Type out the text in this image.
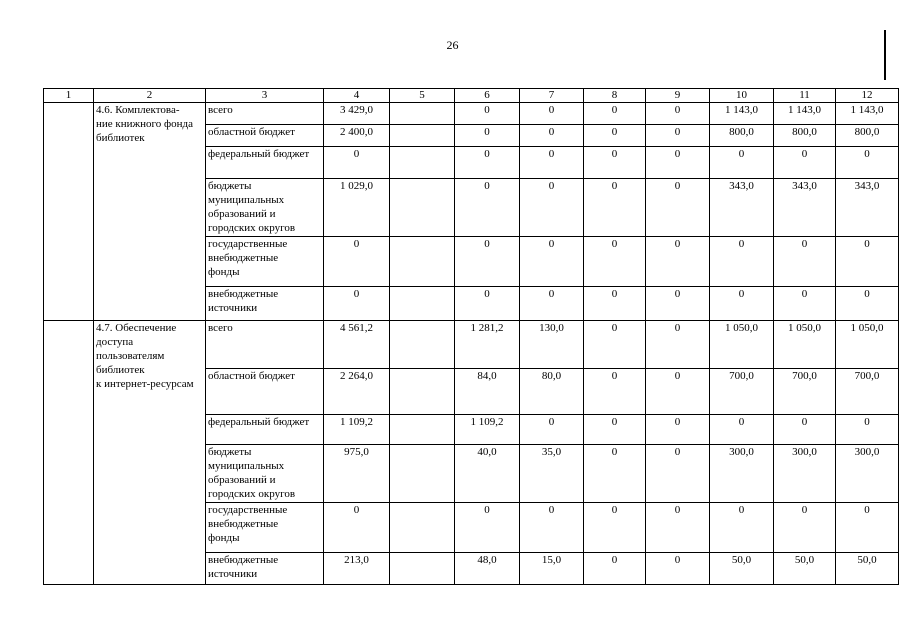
26
1	2	3	4	5	6	7	8	9	10	11	12
	4.6. Комплектова-
ние книжного фонда
библиотек	всего	3 429,0		0	0	0	0	1 143,0	1 143,0	1 143,0
		областной бюджет	2 400,0		0	0	0	0	800,0	800,0	800,0
		федеральный бюджет	0		0	0	0	0	0	0	0
		бюджеты
муниципальных
образований и
городских округов	1 029,0		0	0	0	0	343,0	343,0	343,0
		государственные
внебюджетные
фонды	0		0	0	0	0	0	0	0
		внебюджетные
источники	0		0	0	0	0	0	0	0
	4.7. Обеспечение
доступа
пользователям
библиотек
к интернет-ресурсам	всего	4 561,2		1 281,2	130,0	0	0	1 050,0	1 050,0	1 050,0
		областной бюджет	2 264,0		84,0	80,0	0	0	700,0	700,0	700,0
		федеральный бюджет	1 109,2		1 109,2	0	0	0	0	0	0
		бюджеты
муниципальных
образований и
городских округов	975,0		40,0	35,0	0	0	300,0	300,0	300,0
		государственные
внебюджетные
фонды	0		0	0	0	0	0	0	0
		внебюджетные
источники	213,0		48,0	15,0	0	0	50,0	50,0	50,0
